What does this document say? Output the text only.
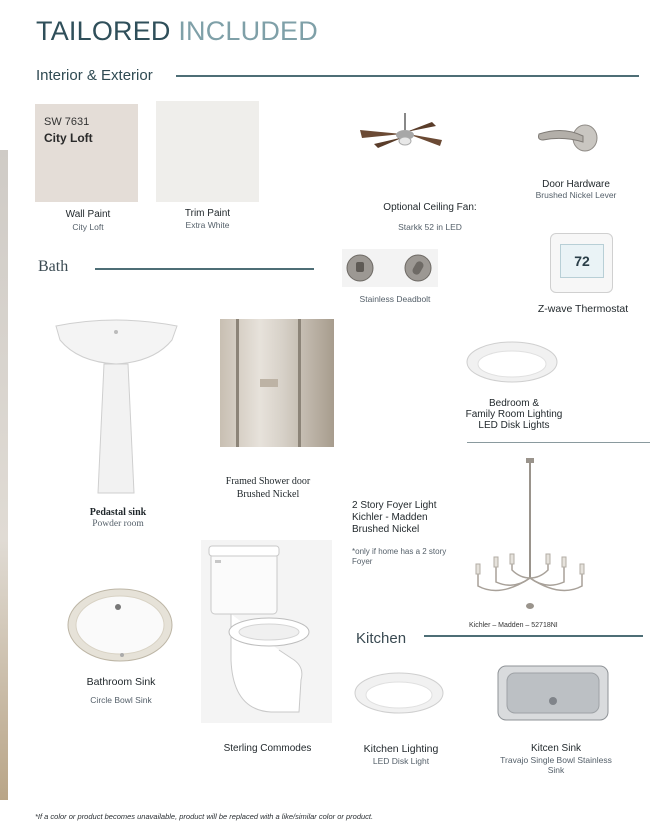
TAILORED INCLUDED
Interior & Exterior
SW 7631
City Loft
Wall Paint
City Loft
Trim Paint
Extra White
Optional Ceiling Fan:
Starkk 52 in LED
Door Hardware
Brushed Nickel Lever
Bath
Stainless Deadbolt
72
Z-wave Thermostat
Pedastal sink
Powder room
Framed Shower door
Brushed Nickel
Bedroom &
Family Room Lighting
LED Disk Lights
2 Story Foyer Light
Kichler - Madden
Brushed Nickel
*only if home has a 2 story
Foyer
Kichler – Madden – 52718NI
Kitchen
Sterling Commodes
Bathroom Sink
Circle Bowl Sink
Kitchen Lighting
LED Disk Light
Kitcen Sink
Travajo Single Bowl Stainless
Sink
*If a color or product becomes unavailable, product will be replaced with a like/similar color or product.
